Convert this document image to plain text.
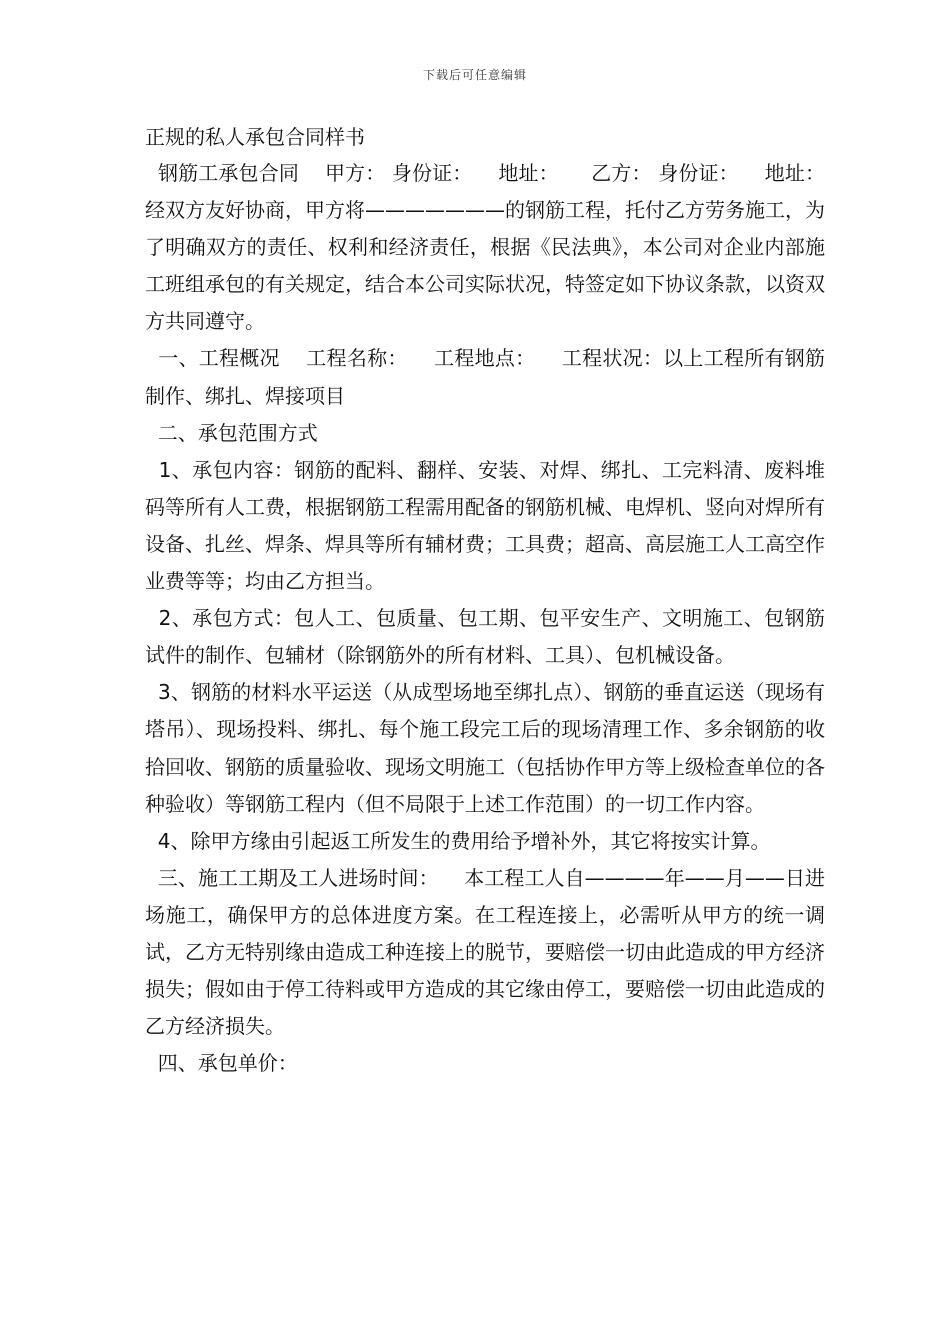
下载后可任意编辑
正规的私人承包合同样书

钢筋工承包合同    甲方： 身份证：    地址：     乙方： 身份证：    地址：     经双方友好协商，甲方将———————的钢筋工程，托付乙方劳务施工，为了明确双方的责任、权利和经济责任，根据《民法典》，本公司对企业内部施工班组承包的有关规定，结合本公司实际状况，特签定如下协议条款，以资双方共同遵守。

一、工程概况    工程名称：    工程地点：    工程状况：以上工程所有钢筋制作、绑扎、焊接项目

二、承包范围方式

1、承包内容：钢筋的配料、翻样、安装、对焊、绑扎、工完料清、废料堆码等所有人工费，根据钢筋工程需用配备的钢筋机械、电焊机、竖向对焊所有设备、扎丝、焊条、焊具等所有辅材费；工具费；超高、高层施工人工高空作业费等等；均由乙方担当。

2、承包方式：包人工、包质量、包工期、包平安生产、文明施工、包钢筋试件的制作、包辅材（除钢筋外的所有材料、工具）、包机械设备。

3、钢筋的材料水平运送（从成型场地至绑扎点）、钢筋的垂直运送（现场有塔吊）、现场投料、绑扎、每个施工段完工后的现场清理工作、多余钢筋的收拾回收、钢筋的质量验收、现场文明施工（包括协作甲方等上级检查单位的各种验收）等钢筋工程内（但不局限于上述工作范围）的一切工作内容。

4、除甲方缘由引起返工所发生的费用给予增补外，其它将按实计算。

三、施工工期及工人进场时间：    本工程工人自————年——月——日进场施工，确保甲方的总体进度方案。在工程连接上，必需听从甲方的统一调试，乙方无特别缘由造成工种连接上的脱节，要赔偿一切由此造成的甲方经济损失；假如由于停工待料或甲方造成的其它缘由停工，要赔偿一切由此造成的乙方经济损失。

四、承包单价：
